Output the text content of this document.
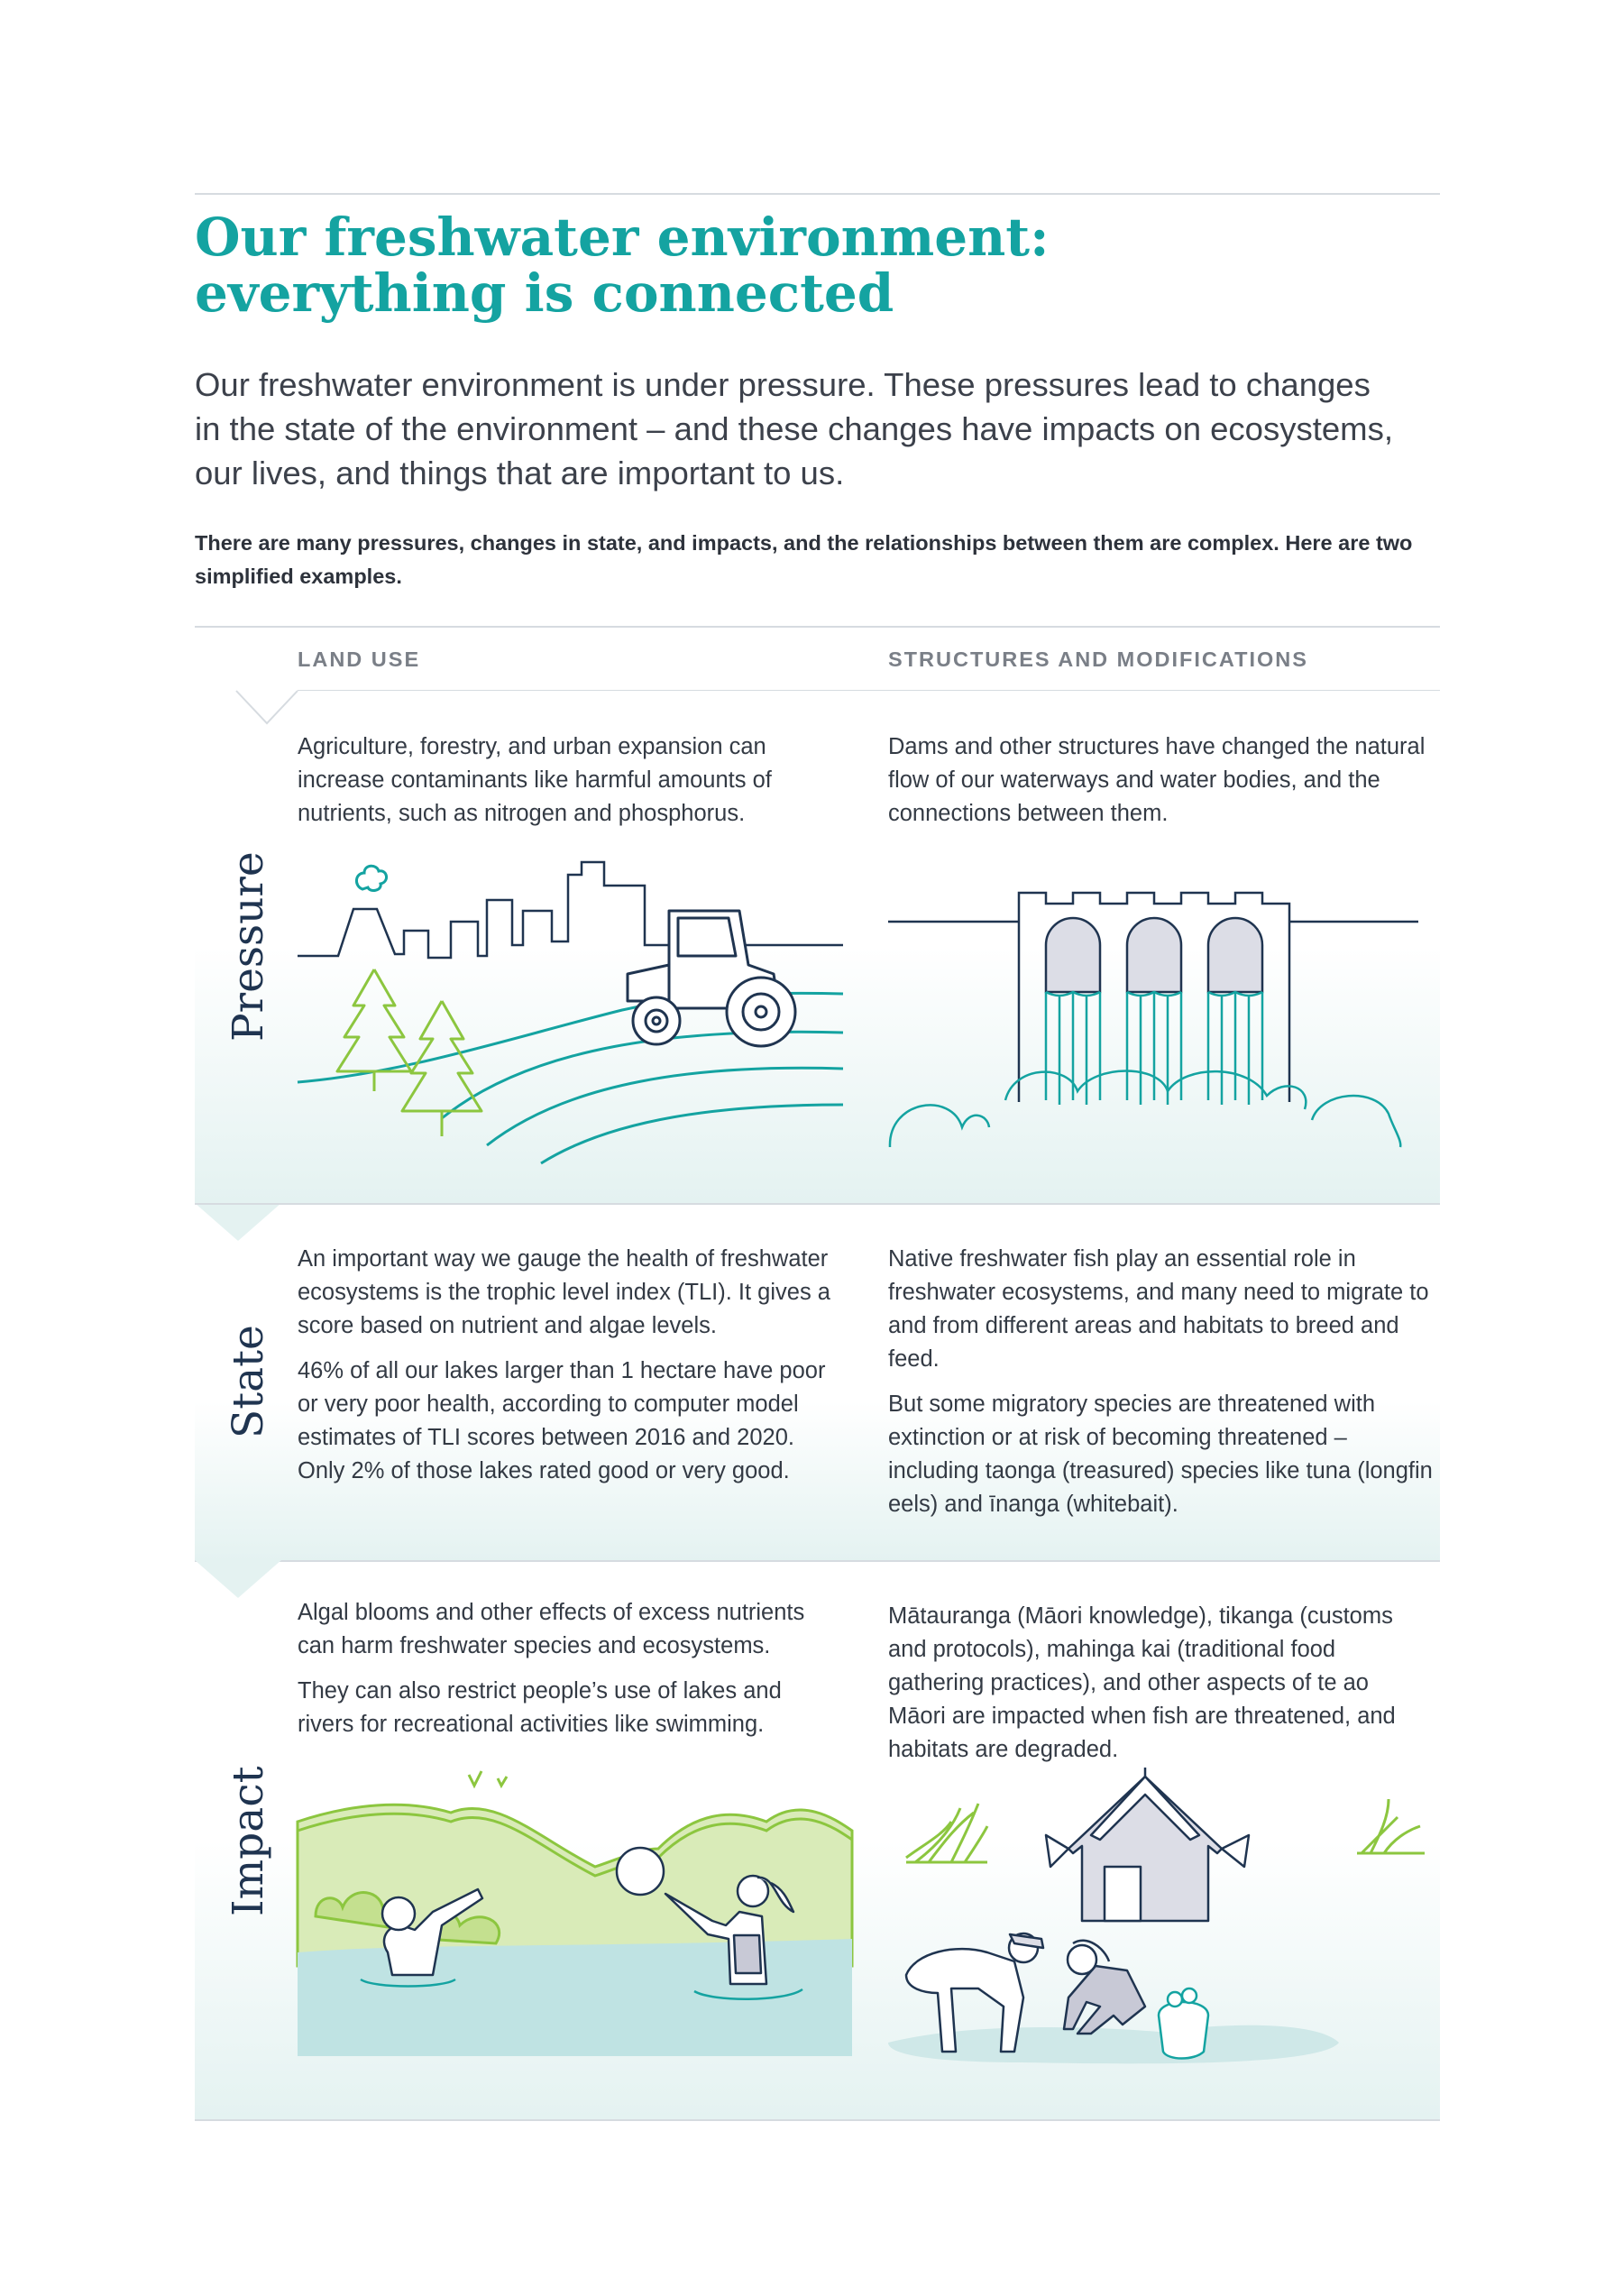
Our freshwater environment: everything is connected

Our freshwater environment is under pressure. These pressures lead to changes in the state of the environment – and these changes have impacts on ecosystems, our lives, and things that are important to us.

There are many pressures, changes in state, and impacts, and the relationships between them are complex. Here are two simplified examples.

LAND USE	STRUCTURES AND MODIFICATIONS
Pressure

Agriculture, forestry, and urban expansion can increase contaminants like harmful amounts of nutrients, such as nitrogen and phosphorus.

Dams and other structures have changed the natural flow of our waterways and water bodies, and the connections between them.

State

An important way we gauge the health of freshwater ecosystems is the trophic level index (TLI). It gives a score based on nutrient and algae levels.

46% of all our lakes larger than 1 hectare have poor or very poor health, according to computer model estimates of TLI scores between 2016 and 2020. Only 2% of those lakes rated good or very good.

Native freshwater fish play an essential role in freshwater ecosystems, and many need to migrate to and from different areas and habitats to breed and feed.

But some migratory species are threatened with extinction or at risk of becoming threatened – including taonga (treasured) species like tuna (longfin eels) and īnanga (whitebait).

Impact

Algal blooms and other effects of excess nutrients can harm freshwater species and ecosystems.

They can also restrict people’s use of lakes and rivers for recreational activities like swimming.

Mātauranga (Māori knowledge), tikanga (customs and protocols), mahinga kai (traditional food gathering practices), and other aspects of te ao Māori are impacted when fish are threatened, and habitats are degraded.
